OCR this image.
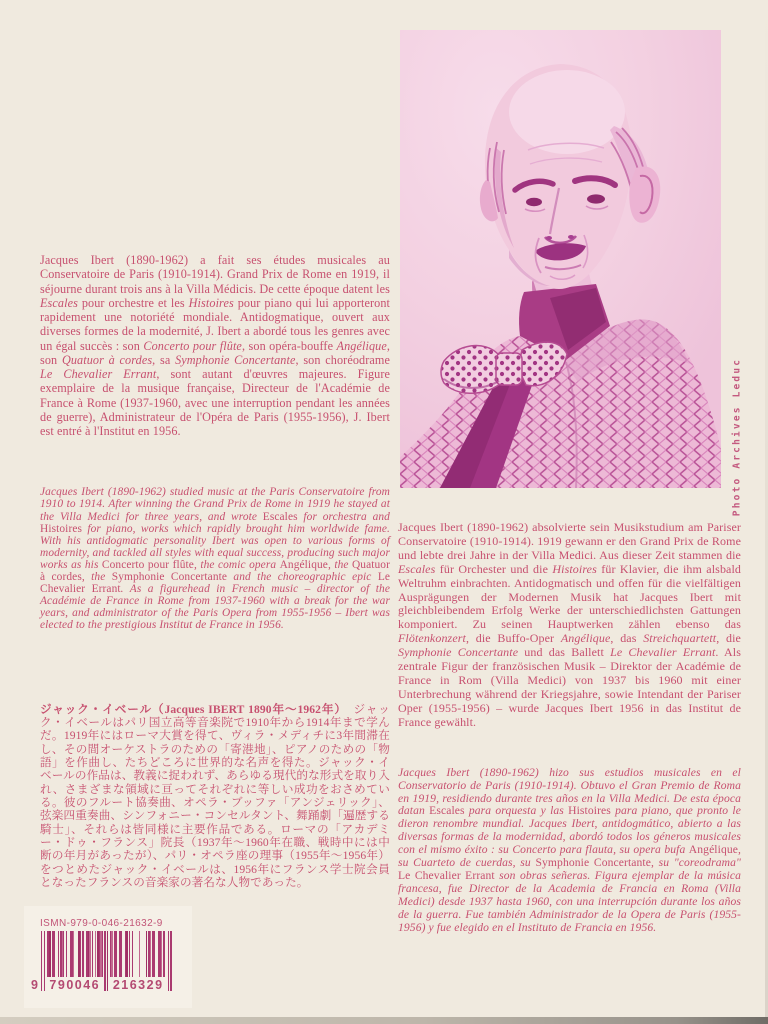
Photo Archives Leduc

Jacques Ibert (1890-1962) a fait ses études musicales au Conservatoire de Paris (1910-1914). Grand Prix de Rome en 1919, il séjourne durant trois ans à la Villa Médicis. De cette époque datent les Escales pour orchestre et les Histoires pour piano qui lui apporteront rapidement une notoriété mondiale. Antidogmatique, ouvert aux diverses formes de la modernité, J. Ibert a abordé tous les genres avec un égal succès : son Concerto pour flûte, son opéra-bouffe Angélique, son Quatuor à cordes, sa Symphonie Concertante, son choréodrame Le Chevalier Errant, sont autant d'œuvres majeures. Figure exemplaire de la musique française, Directeur de l'Académie de France à Rome (1937-1960, avec une interruption pendant les années de guerre), Administrateur de l'Opéra de Paris (1955-1956), J. Ibert est entré à l'Institut en 1956.

Jacques Ibert (1890-1962) studied music at the Paris Conservatoire from 1910 to 1914. After winning the Grand Prix de Rome in 1919 he stayed at the Villa Medici for three years, and wrote Escales for orchestra and Histoires for piano, works which rapidly brought him worldwide fame. With his antidogmatic personality Ibert was open to various forms of modernity, and tackled all styles with equal success, producing such major works as his Concerto pour flûte, the comic opera Angélique, the Quatuor à cordes, the Symphonie Concertante and the choreographic epic Le Chevalier Errant. As a figurehead in French music – director of the Académie de France in Rome from 1937-1960 with a break for the war years, and administrator of the Paris Opera from 1955-1956 – Ibert was elected to the prestigious Institut de France in 1956.

ジャック・イベール（Jacques IBERT 1890年～1962年）　ジャック・イベールはパリ国立高等音楽院で1910年から1914年まで学んだ。1919年にはローマ大賞を得て、ヴィラ・メディチに3年間滞在し、その間オーケストラのための「寄港地」、ピアノのための「物語」を作曲し、たちどころに世界的な名声を得た。ジャック・イベールの作品は、教義に捉われず、あらゆる現代的な形式を取り入れ、さまざまな領域に亘ってそれぞれに等しい成功をおさめている。彼のフルート協奏曲、オペラ・ブッファ「アンジェリック」、弦楽四重奏曲、シンフォニー・コンセルタント、舞踊劇「遍歴する騎士」、それらは皆同様に主要作品である。ローマの「アカデミー・ドゥ・フランス」院長（1937年～1960年在職、戦時中には中断の年月があったが）、パリ・オペラ座の理事（1955年～1956年）をつとめたジャック・イベールは、1956年にフランス学士院会員となったフランスの音楽家の著名な人物であった。

Jacques Ibert (1890-1962) absolvierte sein Musikstudium am Pariser Conservatoire (1910-1914). 1919 gewann er den Grand Prix de Rome und lebte drei Jahre in der Villa Medici. Aus dieser Zeit stammen die Escales für Orchester und die Histoires für Klavier, die ihm alsbald Weltruhm einbrachten. Antidogmatisch und offen für die vielfältigen Ausprägungen der Modernen Musik hat Jacques Ibert mit gleichbleibendem Erfolg Werke der unterschiedlichsten Gattungen komponiert. Zu seinen Hauptwerken zählen ebenso das Flötenkonzert, die Buffo-Oper Angélique, das Streichquartett, die Symphonie Concertante und das Ballett Le Chevalier Errant. Als zentrale Figur der französischen Musik – Direktor der Académie de France in Rom (Villa Medici) von 1937 bis 1960 mit einer Unterbrechung während der Kriegsjahre, sowie Intendant der Pariser Oper (1955-1956) – wurde Jacques Ibert 1956 in das Institut de France gewählt.

Jacques Ibert (1890-1962) hizo sus estudios musicales en el Conservatorio de Paris (1910-1914). Obtuvo el Gran Premio de Roma en 1919, residiendo durante tres años en la Villa Medici. De esta época datan Escales para orquesta y las Histoires para piano, que pronto le dieron renombre mundial. Jacques Ibert, antidogmático, abierto a las diversas formas de la modernidad, abordó todos los géneros musicales con el mismo éxito : su Concerto para flauta, su opera bufa Angélique, su Cuarteto de cuerdas, su Symphonie Concertante, su "coreodrama" Le Chevalier Errant son obras señeras. Figura ejemplar de la música francesa, fue Director de la Academia de Francia en Roma (Villa Medici) desde 1937 hasta 1960, con una interrupción durante los años de la guerra. Fue también Administrador de la Opera de Paris (1955-1956) y fue elegido en el Instituto de Francia en 1956.

ISMN-979-0-046-21632-9
9 790046 216329
